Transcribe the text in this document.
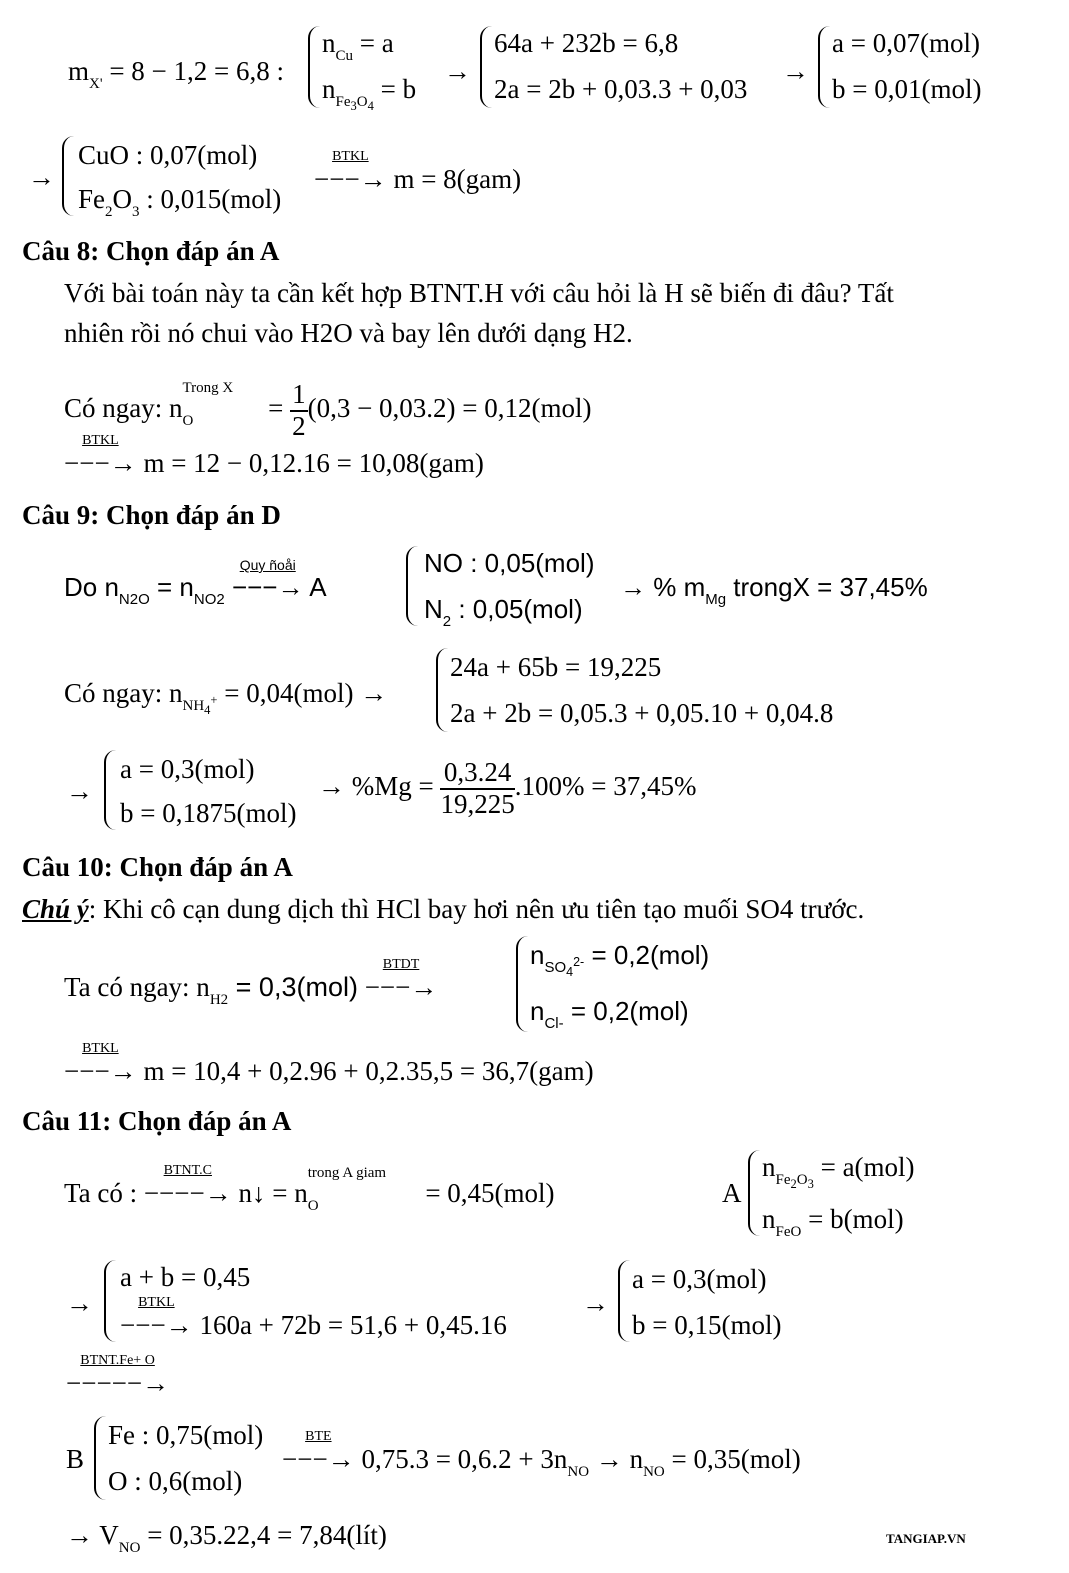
$m_{X'} = 8 - 1,2 = 6,8$ :
$n_{Cu} = a$
$n_{Fe_3O_4} = b$
→
64a + 232b = 6,8
2a = 2b + 0,03.3 + 0,03
→
a = 0,07(mol)
b = 0,01(mol)
→
CuO : 0,07(mol)
$Fe_2O_3$ : 0,015(mol)
−−−→
BTKL
m = 8(gam)
Câu 8: Chọn đáp án A
Với bài toán này ta cần kết hợp BTNT.H với câu hỏi là H sẽ biến đi đâu? Tất
nhiên rồi nó chui vào H2O và bay lên dưới dạng H2.
Có ngay: n
Trong X
$_O$	= $\frac{1}{2} (0,3 - 0,03.2) = 0,12(mol)$
−−−→
BTKL
m = 12 − 0,12.16 = 10,08(gam)
Câu 9: Chọn đáp án D
Do $n_{N2O} = n_{NO2}$ −−−→
Quy ñoåi
A
NO : 0,05(mol)
$N_2$ : 0,05(mol)
→ % $m_{Mg}$ trongX = 37,45%
Có ngay: $n_{NH_4^+} = 0,04(mol)$ →
24a + 65b = 19,225
2a + 2b = 0,05.3 + 0,05.10 + 0,04.8
→
a = 0,3(mol)
b = 0,1875(mol)
→ $\%Mg = \frac{0,3.24}{19,225} .100\% = 37,45\%$
Câu 10: Chọn đáp án A
Chú ý: Khi cô cạn dung dịch thì HCl bay hơi nên ưu tiên tạo muối SO4 trước.
Ta có ngay: $n_{H2} = 0,3(mol)$ −−−→
BTDT	$n_{SO_4^{2-}} = 0,2(mol)$
$n_{Cl-} = 0,2(mol)$
−−−→
BTKL
m = 10,4 + 0,2.96 + 0,2.35,5 = 36,7(gam)
Câu 11: Chọn đáp án A
Ta có : −−−−→
BTNT.C
n↓ = n
trong A giam
$_O$	= 0,45(mol)	A
$n_{Fe_2O_3} = a(mol)$
$n_{FeO} = b(mol)$
→
a + b = 0,45
−−−→
BTKL
160a + 72b = 51,6 + 0,45.16
→
a = 0,3(mol)
b = 0,15(mol)
−−−−−→
BTNT.Fe+ O
B
Fe : 0,75(mol)
O : 0,6(mol)
−−−→
BTE
$0,75.3 = 0,6.2 + 3n_{NO} \to n_{NO} = 0,35(mol)$
→ $V_{NO} = 0,35.22,4$ = 7,84(lít)	TANGIAP.VN
